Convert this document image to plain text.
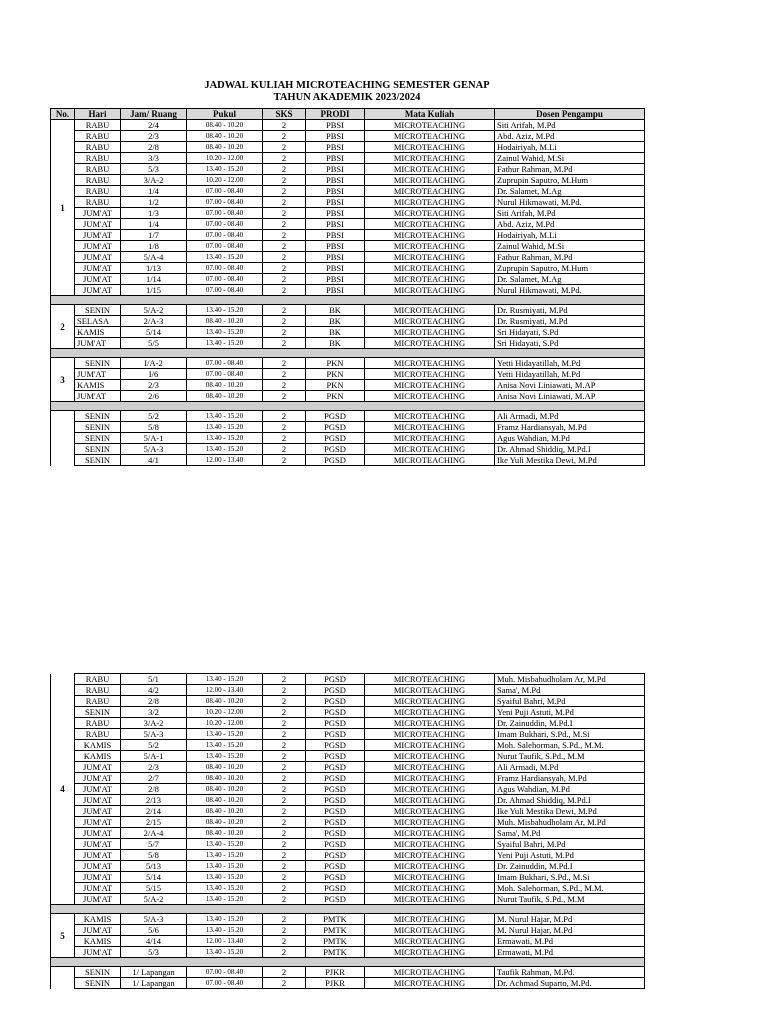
JADWAL KULIAH MICROTEACHING SEMESTER GENAP
TAHUN AKADEMIK 2023/2024
No.	Hari	Jam/ Ruang	Pukul	SKS	PRODI	Mata Kuliah	Dosen Pengampu
1	RABU	2/4	08.40 - 10.20	2	PBSI	MICROTEACHING	Siti Arifah, M.Pd
	RABU	2/3	08.40 - 10.20	2	PBSI	MICROTEACHING	Abd. Aziz, M.Pd
	RABU	2/8	08.40 - 10.20	2	PBSI	MICROTEACHING	Hodairiyah, M.Li
	RABU	3/3	10.20 - 12.00	2	PBSI	MICROTEACHING	Zainul Wahid, M.Si
	RABU	5/3	13.40 - 15.20	2	PBSI	MICROTEACHING	Fathur Rahman, M.Pd
	RABU	3/A-2	10.20 - 12.00	2	PBSI	MICROTEACHING	Zuprupin Saputro, M.Hum
	RABU	1/4	07.00 - 08.40	2	PBSI	MICROTEACHING	Dr. Salamet, M.Ag
	RABU	1/2	07.00 - 08.40	2	PBSI	MICROTEACHING	Nurul Hikmawati, M.Pd.
	JUM'AT	1/3	07.00 - 08.40	2	PBSI	MICROTEACHING	Siti Arifah, M.Pd
	JUM'AT	1/4	07.00 - 08.40	2	PBSI	MICROTEACHING	Abd. Aziz, M.Pd
	JUM'AT	1/7	07.00 - 08.40	2	PBSI	MICROTEACHING	Hodairiyah, M.Li
	JUM'AT	1/8	07.00 - 08.40	2	PBSI	MICROTEACHING	Zainul Wahid, M.Si
	JUM'AT	5/A-4	13.40 - 15.20	2	PBSI	MICROTEACHING	Fathur Rahman, M.Pd
	JUM'AT	1/13	07.00 - 08.40	2	PBSI	MICROTEACHING	Zuprupin Saputro, M.Hum
	JUM'AT	1/14	07.00 - 08.40	2	PBSI	MICROTEACHING	Dr. Salamet, M.Ag
	JUM'AT	1/15	07.00 - 08.40	2	PBSI	MICROTEACHING	Nurul Hikmawati, M.Pd.

2	SENIN	5/A-2	13.40 - 15.20	2	BK	MICROTEACHING	Dr. Rusmiyati, M.Pd
	SELASA	2/A-3	08.40 - 10.20	2	BK	MICROTEACHING	Dr. Rusmiyati, M.Pd
	KAMIS	5/14	13.40 - 15.20	2	BK	MICROTEACHING	Sri Hidayati, S.Pd
	JUM'AT	5/5	13.40 - 15.20	2	BK	MICROTEACHING	Sri Hidayati, S.Pd

3	SENIN	I/A-2	07.00 - 08.40	2	PKN	MICROTEACHING	Yetti Hidayatillah, M.Pd
	JUM'AT	I/6	07.00 - 08.40	2	PKN	MICROTEACHING	Yetti Hidayatillah, M.Pd
	KAMIS	2/3	08.40 - 10.20	2	PKN	MICROTEACHING	Anisa Novi Liniawati, M.AP
	JUM'AT	2/6	08.40 - 10.20	2	PKN	MICROTEACHING	Anisa Novi Liniawati, M.AP

	SENIN	5/2	13.40 - 15.20	2	PGSD	MICROTEACHING	Ali Armadi, M.Pd
	SENIN	5/8	13.40 - 15.20	2	PGSD	MICROTEACHING	Framz Hardiansyah, M.Pd
	SENIN	5/A-1	13.40 - 15.20	2	PGSD	MICROTEACHING	Agus Wahdian, M.Pd
	SENIN	5/A-3	13.40 - 15.20	2	PGSD	MICROTEACHING	Dr. Ahmad Shiddiq, M.Pd.I
	SENIN	4/1	12.00 - 13.40	2	PGSD	MICROTEACHING	Ike Yuli Mestika Dewi, M.Pd
4	RABU	5/1	13.40 - 15.20	2	PGSD	MICROTEACHING	Muh. Misbahudholam Ar, M.Pd
	RABU	4/2	12.00 - 13.40	2	PGSD	MICROTEACHING	Sama', M.Pd
	RABU	2/8	08.40 - 10.20	2	PGSD	MICROTEACHING	Syaiful Bahri, M.Pd
	SENIN	3/2	10.20 - 12.00	2	PGSD	MICROTEACHING	Yeni Puji Astuti, M.Pd
	RABU	3/A-2	10.20 - 12.00	2	PGSD	MICROTEACHING	Dr. Zainuddin, M.Pd.I
	RABU	5/A-3	13.40 - 15.20	2	PGSD	MICROTEACHING	Imam Bukhari, S.Pd., M.Si
	KAMIS	5/2	13.40 - 15.20	2	PGSD	MICROTEACHING	Moh. Salehorman, S.Pd., M.M.
	KAMIS	5/A-1	13.40 - 15.20	2	PGSD	MICROTEACHING	Nurut Taufik, S.Pd., M.M
	JUM'AT	2/3	08.40 - 10.20	2	PGSD	MICROTEACHING	Ali Armadi, M.Pd
	JUM'AT	2/7	08.40 - 10.20	2	PGSD	MICROTEACHING	Framz Hardiansyah, M.Pd
	JUM'AT	2/8	08.40 - 10.20	2	PGSD	MICROTEACHING	Agus Wahdian, M.Pd
	JUM'AT	2/13	08.40 - 10.20	2	PGSD	MICROTEACHING	Dr. Ahmad Shiddiq, M.Pd.I
	JUM'AT	2/14	08.40 - 10.20	2	PGSD	MICROTEACHING	Ike Yuli Mestika Dewi, M.Pd
	JUM'AT	2/15	08.40 - 10.20	2	PGSD	MICROTEACHING	Muh. Misbahudholam Ar, M.Pd
	JUM'AT	2/A-4	08.40 - 10.20	2	PGSD	MICROTEACHING	Sama', M.Pd
	JUM'AT	5/7	13.40 - 15.20	2	PGSD	MICROTEACHING	Syaiful Bahri, M.Pd
	JUM'AT	5/8	13.40 - 15.20	2	PGSD	MICROTEACHING	Yeni Puji Astuti, M.Pd
	JUM'AT	5/13	13.40 - 15.20	2	PGSD	MICROTEACHING	Dr. Zainuddin, M.Pd.I
	JUM'AT	5/14	13.40 - 15.20	2	PGSD	MICROTEACHING	Imam Bukhari, S.Pd., M.Si
	JUM'AT	5/15	13.40 - 15.20	2	PGSD	MICROTEACHING	Moh. Salehorman, S.Pd., M.M.
	JUM'AT	5/A-2	13.40 - 15.20	2	PGSD	MICROTEACHING	Nurut Taufik, S.Pd., M.M

5	KAMIS	5/A-3	13.40 - 15.20	2	PMTK	MICROTEACHING	M. Nurul Hajar, M.Pd
	JUM'AT	5/6	13.40 - 15.20	2	PMTK	MICROTEACHING	M. Nurul Hajar, M.Pd
	KAMIS	4/14	12.00 - 13.40	2	PMTK	MICROTEACHING	Ermawati, M.Pd
	JUM'AT	5/3	13.40 - 15.20	2	PMTK	MICROTEACHING	Ermawati, M.Pd

	SENIN	1/ Lapangan	07.00 - 08.40	2	PJKR	MICROTEACHING	Taufik Rahman, M.Pd.
	SENIN	1/ Lapangan	07.00 - 08.40	2	PJKR	MICROTEACHING	Dr. Achmad Suparto, M.Pd.
